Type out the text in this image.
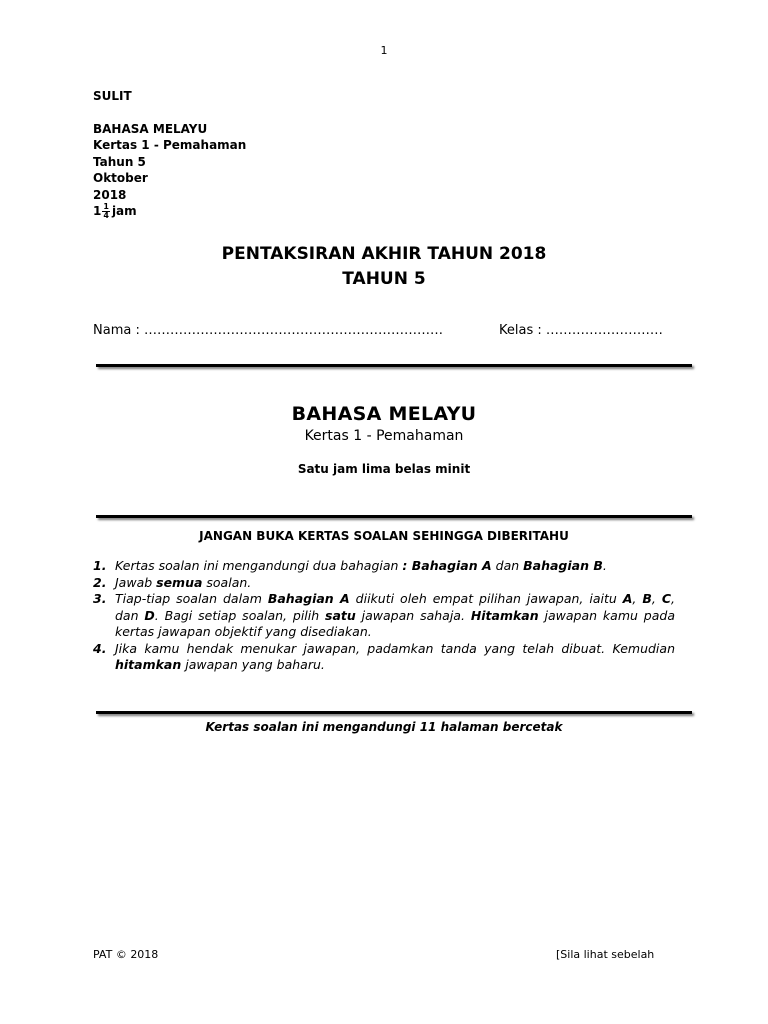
1
SULIT
BAHASA MELAYU
Kertas 1 - Pemahaman
Tahun 5
Oktober
2018
$1 \frac{1}{4}$ jam
PENTAKSIRAN AKHIR TAHUN 2018
TAHUN 5
Nama : ……………………………………………………………	Kelas : ………………………
BAHASA MELAYU
Kertas 1 - Pemahaman
Satu jam lima belas minit
JANGAN BUKA KERTAS SOALAN SEHINGGA DIBERITAHU
1. Kertas soalan ini mengandungi dua bahagian : Bahagian A dan Bahagian B.
2. Jawab semua soalan.
3. Tiap-tiap soalan dalam Bahagian A diikuti oleh empat pilihan jawapan, iaitu A, B, C, dan D. Bagi setiap soalan, pilih satu jawapan sahaja. Hitamkan jawapan kamu pada kertas jawapan objektif yang disediakan.
4. Jika kamu hendak menukar jawapan, padamkan tanda yang telah dibuat. Kemudian hitamkan jawapan yang baharu.
Kertas soalan ini mengandungi 11 halaman bercetak
PAT © 2018	[Sila lihat sebelah
